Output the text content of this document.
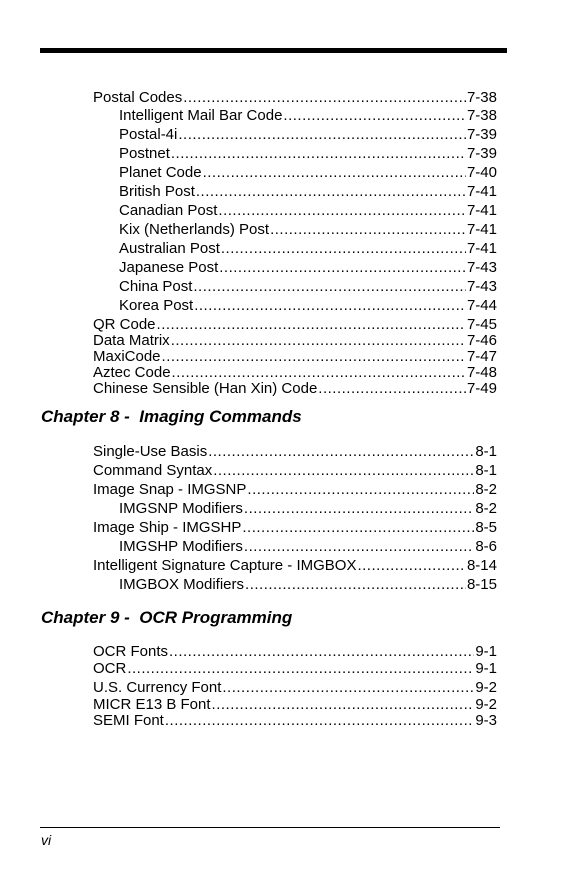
Postal Codes .....	7-38
Intelligent Mail Bar Code .....	7-38
Postal-4i .....	7-39
Postnet .....	7-39
Planet Code .....	7-40
British Post .....	7-41
Canadian Post .....	7-41
Kix (Netherlands) Post .....	7-41
Australian Post .....	7-41
Japanese Post .....	7-43
China Post .....	7-43
Korea Post .....	7-44
QR Code .....	7-45
Data Matrix .....	7-46
MaxiCode .....	7-47
Aztec Code .....	7-48
Chinese Sensible (Han Xin) Code .....	7-49
Chapter 8 -  Imaging Commands
Single-Use Basis .....	8-1
Command Syntax .....	8-1
Image Snap - IMGSNP .....	8-2
IMGSNP Modifiers .....	8-2
Image Ship - IMGSHP .....	8-5
IMGSHP Modifiers .....	8-6
Intelligent Signature Capture - IMGBOX .....	8-14
IMGBOX Modifiers .....	8-15
Chapter 9 -  OCR Programming
OCR Fonts .....	9-1
OCR .....	9-1
U.S. Currency Font .....	9-2
MICR E13 B Font .....	9-2
SEMI Font .....	9-3
vi
